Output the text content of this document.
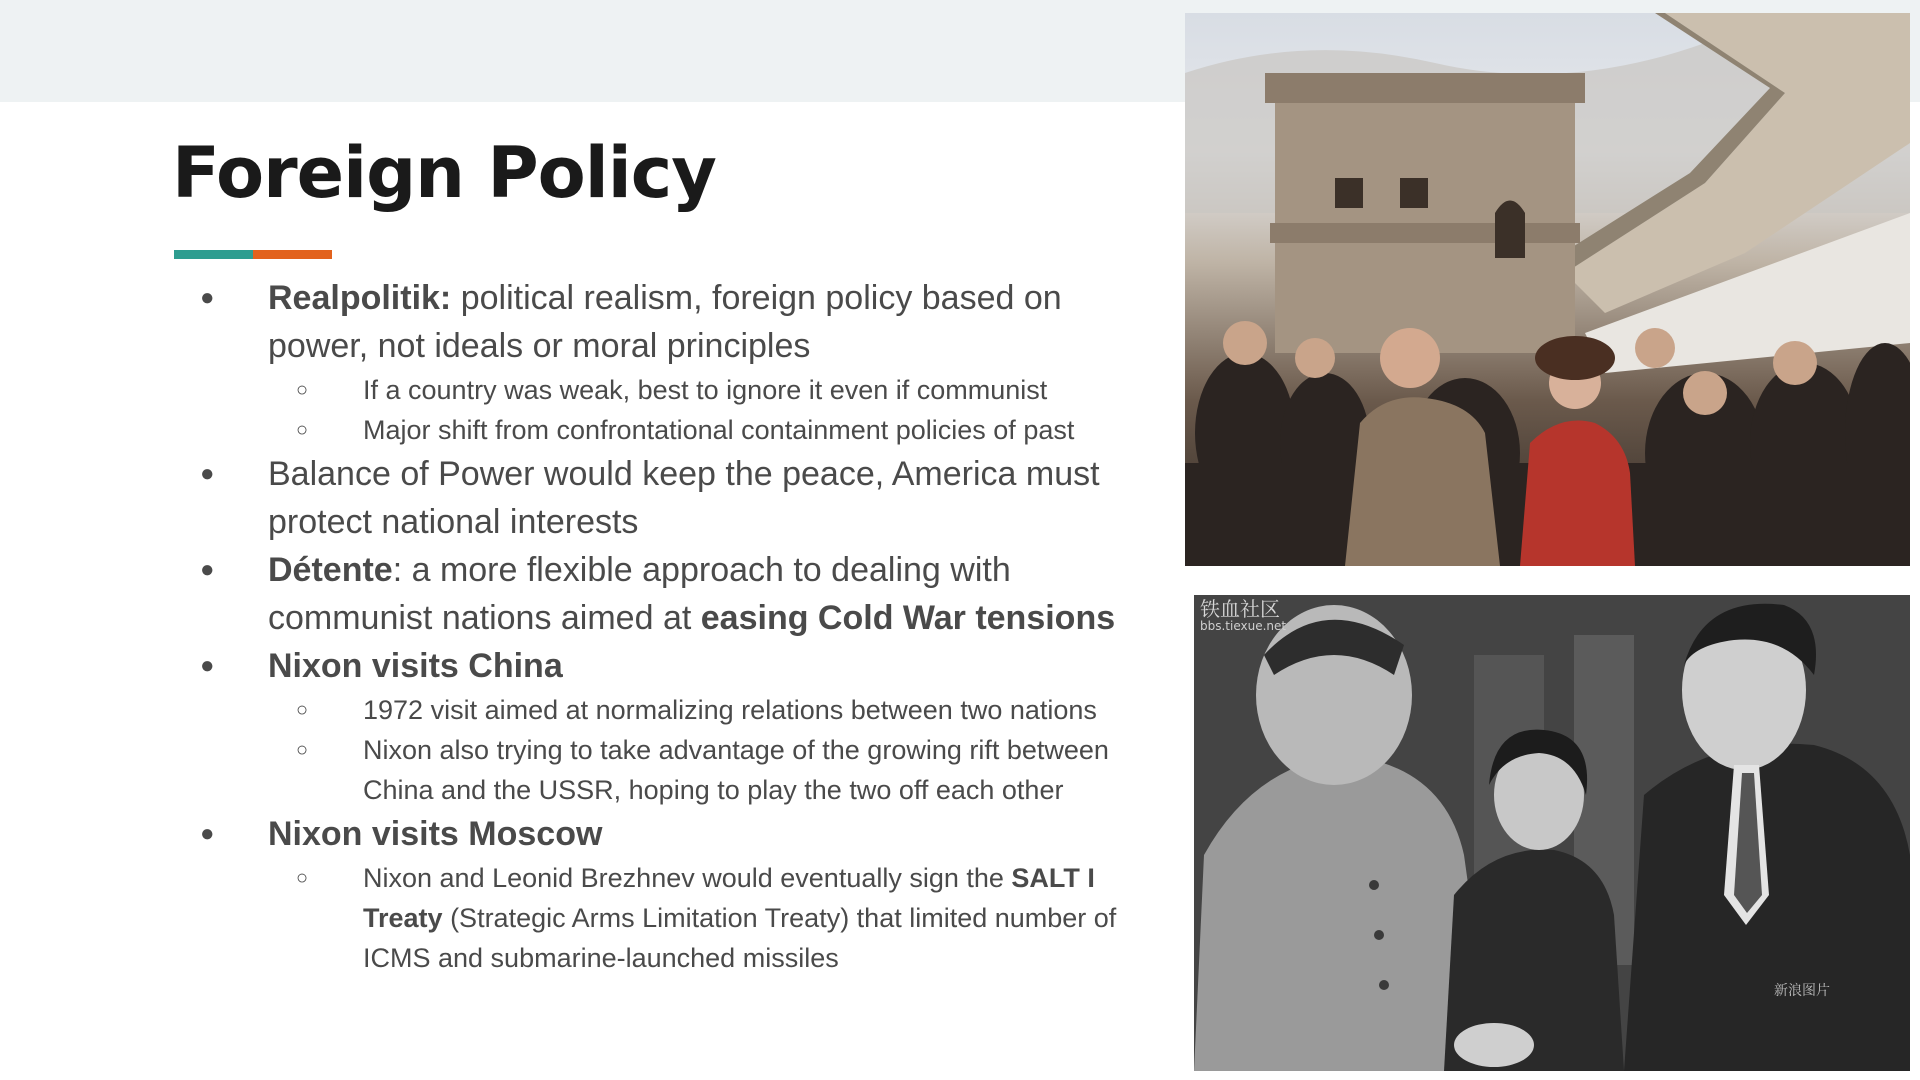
Foreign Policy
● Realpolitik: political realism, foreign policy based on power, not ideals or moral principles
○ If a country was weak, best to ignore it even if communist
○ Major shift from confrontational containment policies of past
● Balance of Power would keep the peace, America must protect national interests
● Détente: a more flexible approach to dealing with communist nations aimed at easing Cold War tensions
● Nixon visits China
○ 1972 visit aimed at normalizing relations between two nations
○ Nixon also trying to take advantage of the growing rift between China and the USSR, hoping to play the two off each other
● Nixon visits Moscow
○ Nixon and Leonid Brezhnev would eventually sign the SALT I Treaty (Strategic Arms Limitation Treaty) that limited number of ICMS and submarine-launched missiles
铁血社区
bbs.tiexue.net
新浪图片
